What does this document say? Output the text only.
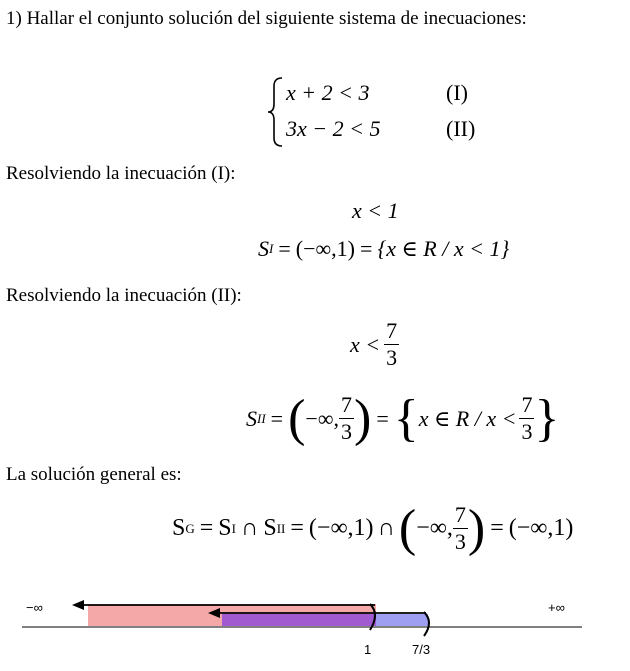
1) Hallar el conjunto solución del siguiente sistema de inecuaciones:
x + 2 < 3	(I)
3x − 2 < 5	(II)
Resolviendo la inecuación (I):
x < 1
S I = (−∞,1) = {x ∈ R / x < 1}
Resolviendo la inecuación (II):
$x < \frac{7}{3}$
S II = ( −∞, $\frac{7}{3}$ ) = { x ∈ $R / x < \frac{7}{3}$ }
La solución general es:
S G = S I ∩ S II = (−∞,1) ∩ ( −∞, $\frac{7}{3}$ ) = (−∞,1)
−∞	+∞
1	7/3
